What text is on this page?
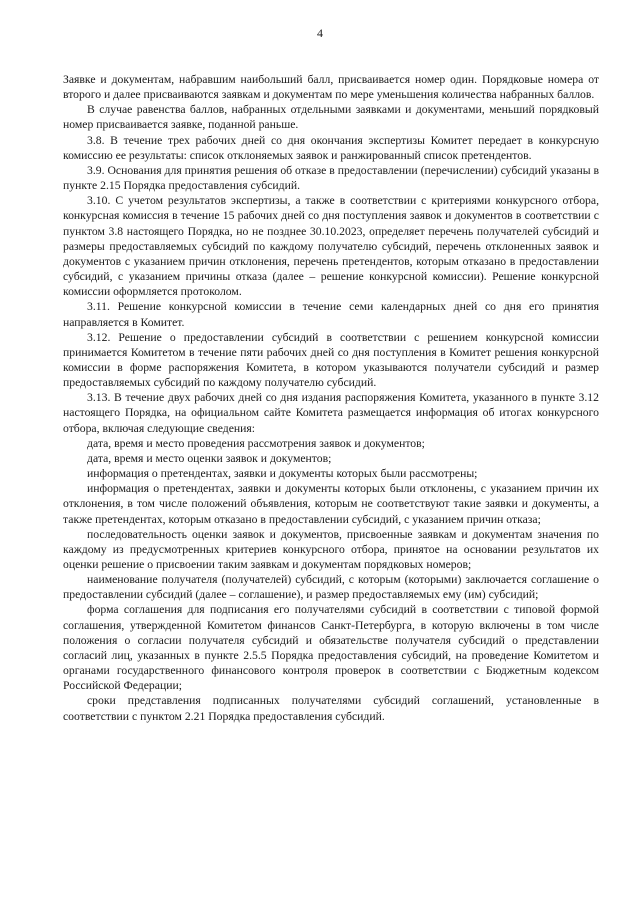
4

Заявке и документам, набравшим наибольший балл, присваивается номер один. Порядковые номера от второго и далее присваиваются заявкам и документам по мере уменьшения количества набранных баллов.

В случае равенства баллов, набранных отдельными заявками и документами, меньший порядковый номер присваивается заявке, поданной раньше.

3.8. В течение трех рабочих дней со дня окончания экспертизы Комитет передает в конкурсную комиссию ее результаты: список отклоняемых заявок и ранжированный список претендентов.

3.9. Основания для принятия решения об отказе в предоставлении (перечислении) субсидий указаны в пункте 2.15 Порядка предоставления субсидий.

3.10. С учетом результатов экспертизы, а также в соответствии с критериями конкурсного отбора, конкурсная комиссия в течение 15 рабочих дней со дня поступления заявок и документов в соответствии с пунктом 3.8 настоящего Порядка, но не позднее 30.10.2023, определяет перечень получателей субсидий и размеры предоставляемых субсидий по каждому получателю субсидий, перечень отклоненных заявок и документов с указанием причин отклонения, перечень претендентов, которым отказано в предоставлении субсидий, с указанием причины отказа (далее – решение конкурсной комиссии). Решение конкурсной комиссии оформляется протоколом.

3.11. Решение конкурсной комиссии в течение семи календарных дней со дня его принятия направляется в Комитет.

3.12. Решение о предоставлении субсидий в соответствии с решением конкурсной комиссии принимается Комитетом в течение пяти рабочих дней со дня поступления в Комитет решения конкурсной комиссии в форме распоряжения Комитета, в котором указываются получатели субсидий и размер предоставляемых субсидий по каждому получателю субсидий.

3.13. В течение двух рабочих дней со дня издания распоряжения Комитета, указанного в пункте 3.12 настоящего Порядка, на официальном сайте Комитета размещается информация об итогах конкурсного отбора, включая следующие сведения:

дата, время и место проведения рассмотрения заявок и документов;

дата, время и место оценки заявок и документов;

информация о претендентах, заявки и документы которых были рассмотрены;

информация о претендентах, заявки и документы которых были отклонены, с указанием причин их отклонения, в том числе положений объявления, которым не соответствуют такие заявки и документы, а также претендентах, которым отказано в предоставлении субсидий, с указанием причин отказа;

последовательность оценки заявок и документов, присвоенные заявкам и документам значения по каждому из предусмотренных критериев конкурсного отбора, принятое на основании результатов их оценки решение о присвоении таким заявкам и документам порядковых номеров;

наименование получателя (получателей) субсидий, с которым (которыми) заключается соглашение о предоставлении субсидий (далее – соглашение), и размер предоставляемых ему (им) субсидий;

форма соглашения для подписания его получателями субсидий в соответствии с типовой формой соглашения, утвержденной Комитетом финансов Санкт-Петербурга, в которую включены в том числе положения о согласии получателя субсидий и обязательстве получателя субсидий о представлении согласий лиц, указанных в пункте 2.5.5 Порядка предоставления субсидий, на проведение Комитетом и органами государственного финансового контроля проверок в соответствии с Бюджетным кодексом Российской Федерации;

сроки представления подписанных получателями субсидий соглашений, установленные в соответствии с пунктом 2.21 Порядка предоставления субсидий.
